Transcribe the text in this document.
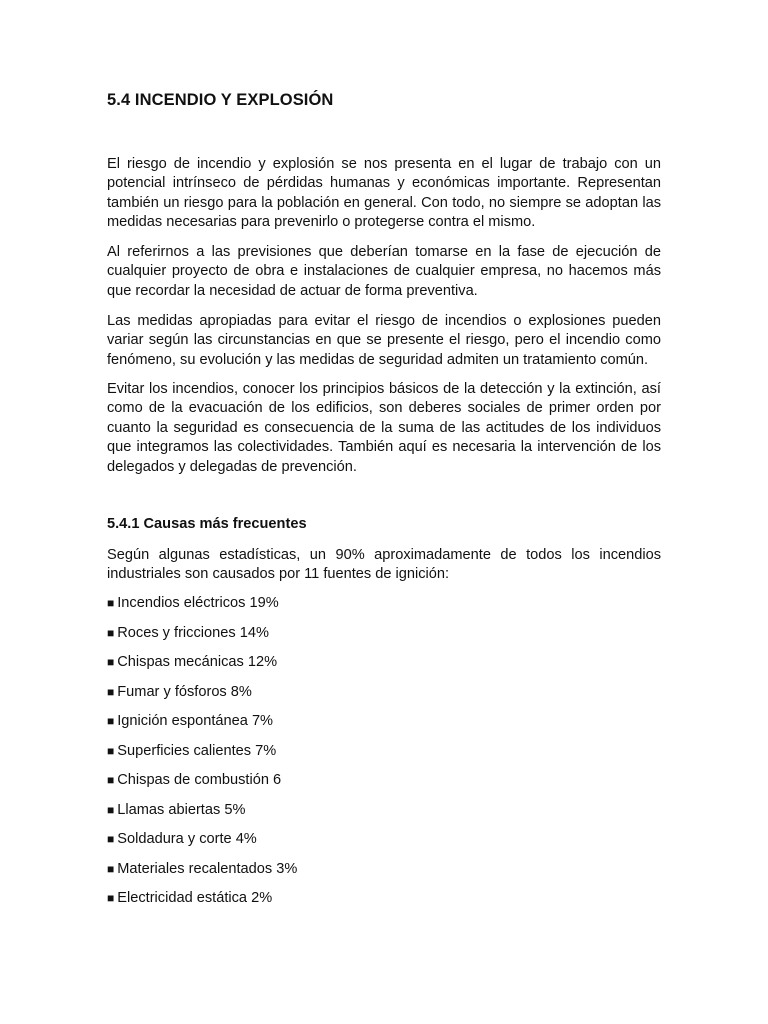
5.4 INCENDIO Y EXPLOSIÓN

El riesgo de incendio y explosión se nos presenta en el lugar de trabajo con un potencial intrínseco de pérdidas humanas y económicas importante. Representan también un riesgo para la población en general. Con todo, no siempre se adoptan las medidas necesarias para prevenirlo o protegerse contra el mismo.

Al referirnos a las previsiones que deberían tomarse en la fase de ejecución de cualquier proyecto de obra e instalaciones de cualquier empresa, no hacemos más que recordar la necesidad de actuar de forma preventiva.

Las medidas apropiadas para evitar el riesgo de incendios o explosiones pueden variar según las circunstancias en que se presente el riesgo, pero el incendio como fenómeno, su evolución y las medidas de seguridad admiten un tratamiento común.

Evitar los incendios, conocer los principios básicos de la detección y la extinción, así como de la evacuación de los edificios, son deberes sociales de primer orden por cuanto la seguridad es consecuencia de la suma de las actitudes de los individuos que integramos las colectividades. También aquí es necesaria la intervención de los delegados y delegadas de prevención.

5.4.1 Causas más frecuentes

Según algunas estadísticas, un 90% aproximadamente de todos los incendios industriales son causados por 11 fuentes de ignición:

■ Incendios eléctricos 19%
■ Roces y fricciones 14%
■ Chispas mecánicas 12%
■ Fumar y fósforos 8%
■ Ignición espontánea 7%
■ Superficies calientes 7%
■ Chispas de combustión 6
■ Llamas abiertas 5%
■ Soldadura y corte 4%
■ Materiales recalentados 3%
■ Electricidad estática 2%
